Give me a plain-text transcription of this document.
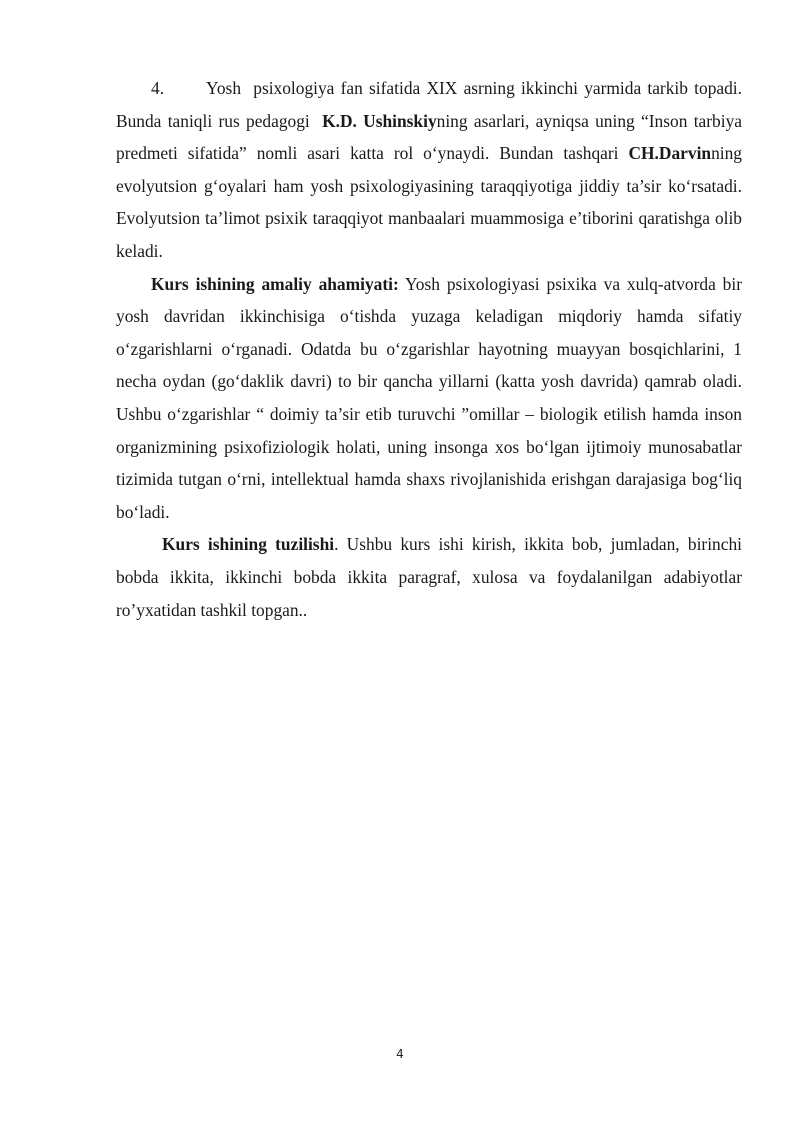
4. Yosh psixologiya fan sifatida XIX asrning ikkinchi yarmida tarkib topadi. Bunda taniqli rus pedagogi K.D. Ushinskiyning asarlari, ayniqsa uning “Inson tarbiya predmeti sifatida” nomli asari katta rol o‘ynaydi. Bundan tashqari CH.Darvinning evolyutsion g‘oyalari ham yosh psixologiyasining taraqqiyotiga jiddiy ta’sir ko‘rsatadi. Evolyutsion ta’limot psixik taraqqiyot manbaalari muammosiga e’tiborini qaratishga olib keladi.

Kurs ishining amaliy ahamiyati: Yosh psixologiyasi psixika va xulq-atvorda bir yosh davridan ikkinchisiga o‘tishda yuzaga keladigan miqdoriy hamda sifatiy o‘zgarishlarni o‘rganadi. Odatda bu o‘zgarishlar hayotning muayyan bosqichlarini, 1 necha oydan (go‘daklik davri) to bir qancha yillarni (katta yosh davrida) qamrab oladi. Ushbu o‘zgarishlar “ doimiy ta’sir etib turuvchi ”omillar – biologik etilish hamda inson organizmining psixofiziologik holati, uning insonga xos bo‘lgan ijtimoiy munosabatlar tizimida tutgan o‘rni, intellektual hamda shaxs rivojlanishida erishgan darajasiga bog‘liq bo‘ladi.

Kurs ishining tuzilishi. Ushbu kurs ishi kirish, ikkita bob, jumladan, birinchi bobda ikkita, ikkinchi bobda ikkita paragraf, xulosa va foydalanilgan adabiyotlar ro’yxatidan tashkil topgan..

4
